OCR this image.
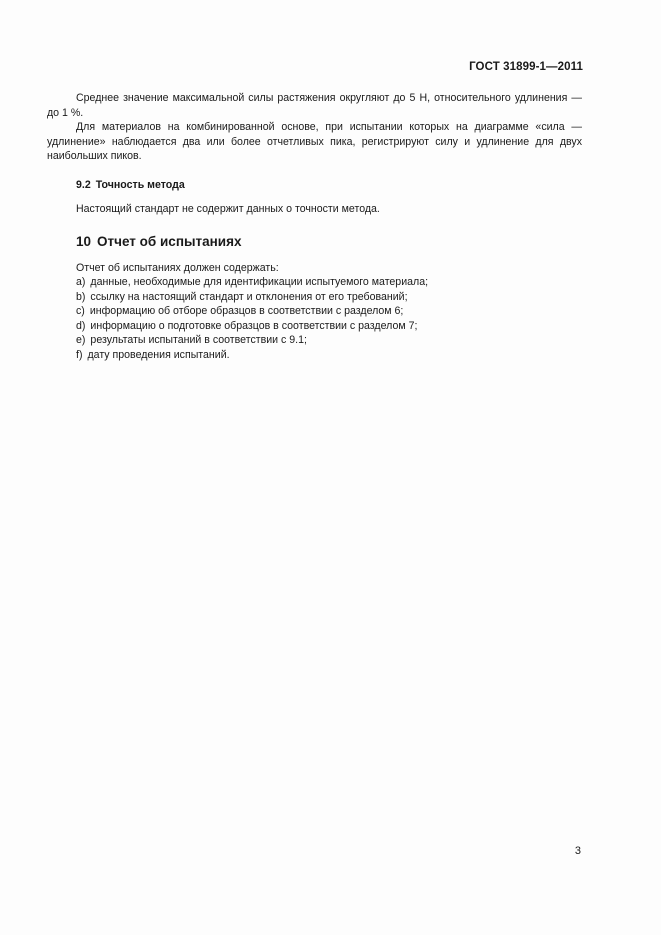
ГОСТ 31899-1—2011

Среднее значение максимальной силы растяжения округляют до 5 Н, относительного удлинения — до 1 %.

Для материалов на комбинированной основе, при испытании которых на диаграмме «сила — удлинение» наблюдается два или более отчетливых пика, регистрируют силу и удлинение для двух наибольших пиков.

9.2 Точность метода

Настоящий стандарт не содержит данных о точности метода.

10 Отчет об испытаниях

Отчет об испытаниях должен содержать:

a) данные, необходимые для идентификации испытуемого материала;
b) ссылку на настоящий стандарт и отклонения от его требований;
c) информацию об отборе образцов в соответствии с разделом 6;
d) информацию о подготовке образцов в соответствии с разделом 7;
e) результаты испытаний в соответствии с 9.1;
f) дату проведения испытаний.
3
